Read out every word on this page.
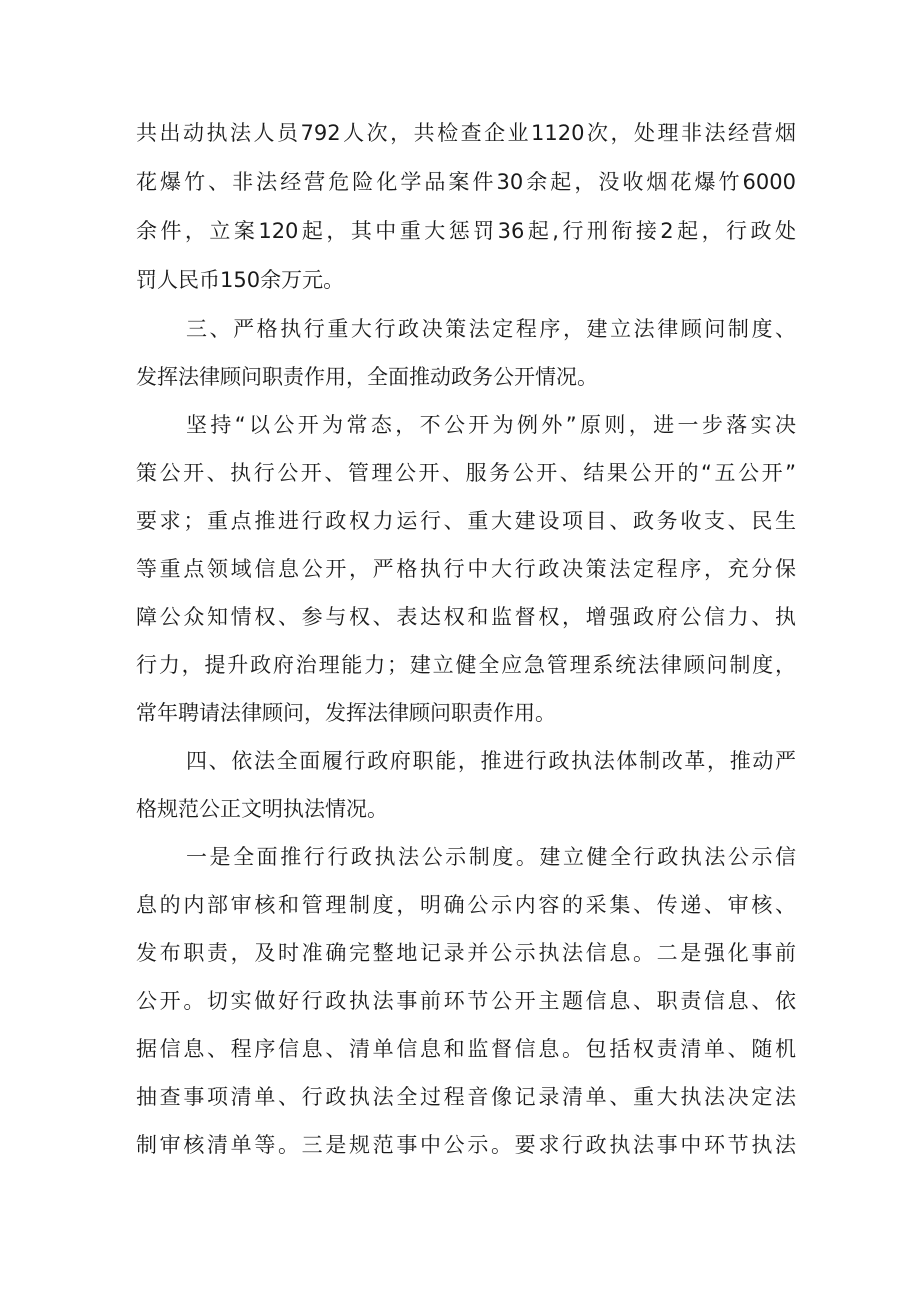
共出动执法人员792人次，共检查企业1120次，处理非法经营烟
花爆竹、非法经营危险化学品案件30余起，没收烟花爆竹6000
余件，立案120起，其中重大惩罚36起,行刑衔接2起，行政处
罚人民币150余万元。
三、严格执行重大行政决策法定程序，建立法律顾问制度、
发挥法律顾问职责作用，全面推动政务公开情况。
坚持“以公开为常态，不公开为例外”原则，进一步落实决
策公开、执行公开、管理公开、服务公开、结果公开的“五公开”
要求；重点推进行政权力运行、重大建设项目、政务收支、民生
等重点领域信息公开，严格执行中大行政决策法定程序，充分保
障公众知情权、参与权、表达权和监督权，增强政府公信力、执
行力，提升政府治理能力；建立健全应急管理系统法律顾问制度，
常年聘请法律顾问，发挥法律顾问职责作用。
四、依法全面履行政府职能，推进行政执法体制改革，推动严
格规范公正文明执法情况。
一是全面推行行政执法公示制度。建立健全行政执法公示信
息的内部审核和管理制度，明确公示内容的采集、传递、审核、
发布职责，及时准确完整地记录并公示执法信息。二是强化事前
公开。切实做好行政执法事前环节公开主题信息、职责信息、依
据信息、程序信息、清单信息和监督信息。包括权责清单、随机
抽查事项清单、行政执法全过程音像记录清单、重大执法决定法
制审核清单等。三是规范事中公示。要求行政执法事中环节执法
